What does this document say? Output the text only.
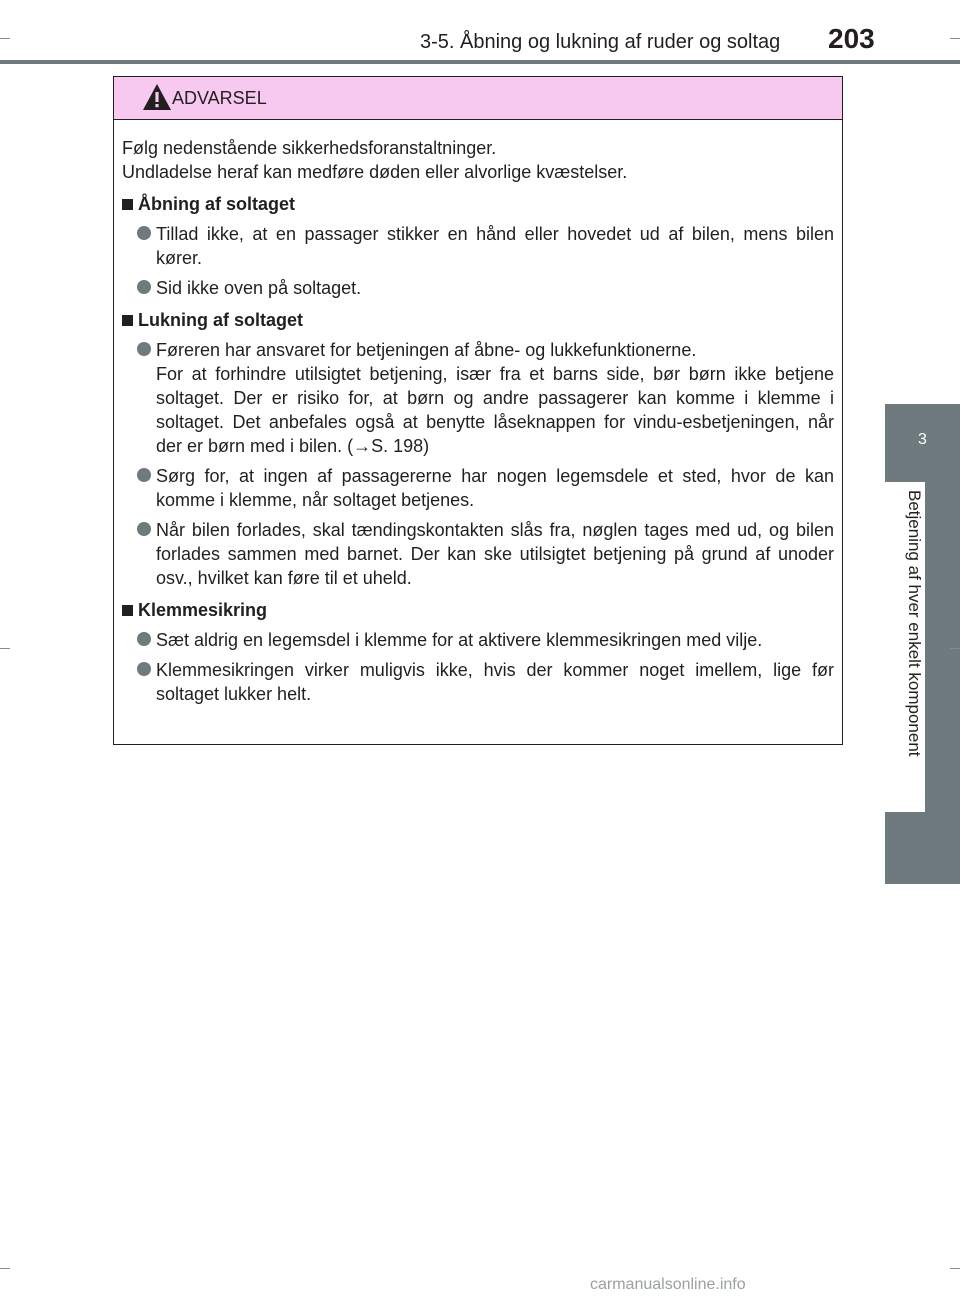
3-5. Åbning og lukning af ruder og soltag 203
3
Betjening af hver enkelt komponent
ADVARSEL

Følg nedenstående sikkerhedsforanstaltninger.

Undladelse heraf kan medføre døden eller alvorlige kvæstelser.

Åbning af soltaget

Tillad ikke, at en passager stikker en hånd eller hovedet ud af bilen, mens bilen kører.

Sid ikke oven på soltaget.

Lukning af soltaget

Føreren har ansvaret for betjeningen af åbne- og lukkefunktionerne.

For at forhindre utilsigtet betjening, især fra et barns side, bør børn ikke betjene soltaget. Der er risiko for, at børn og andre passagerer kan komme i klemme i soltaget. Det anbefales også at benytte låseknappen for vindu-esbetjeningen, når der er børn med i bilen. (→S. 198)

Sørg for, at ingen af passagererne har nogen legemsdele et sted, hvor de kan komme i klemme, når soltaget betjenes.

Når bilen forlades, skal tændingskontakten slås fra, nøglen tages med ud, og bilen forlades sammen med barnet. Der kan ske utilsigtet betjening på grund af unoder osv., hvilket kan føre til et uheld.

Klemmesikring

Sæt aldrig en legemsdel i klemme for at aktivere klemmesikringen med vilje.

Klemmesikringen virker muligvis ikke, hvis der kommer noget imellem, lige før soltaget lukker helt.

carmanualsonline.info
